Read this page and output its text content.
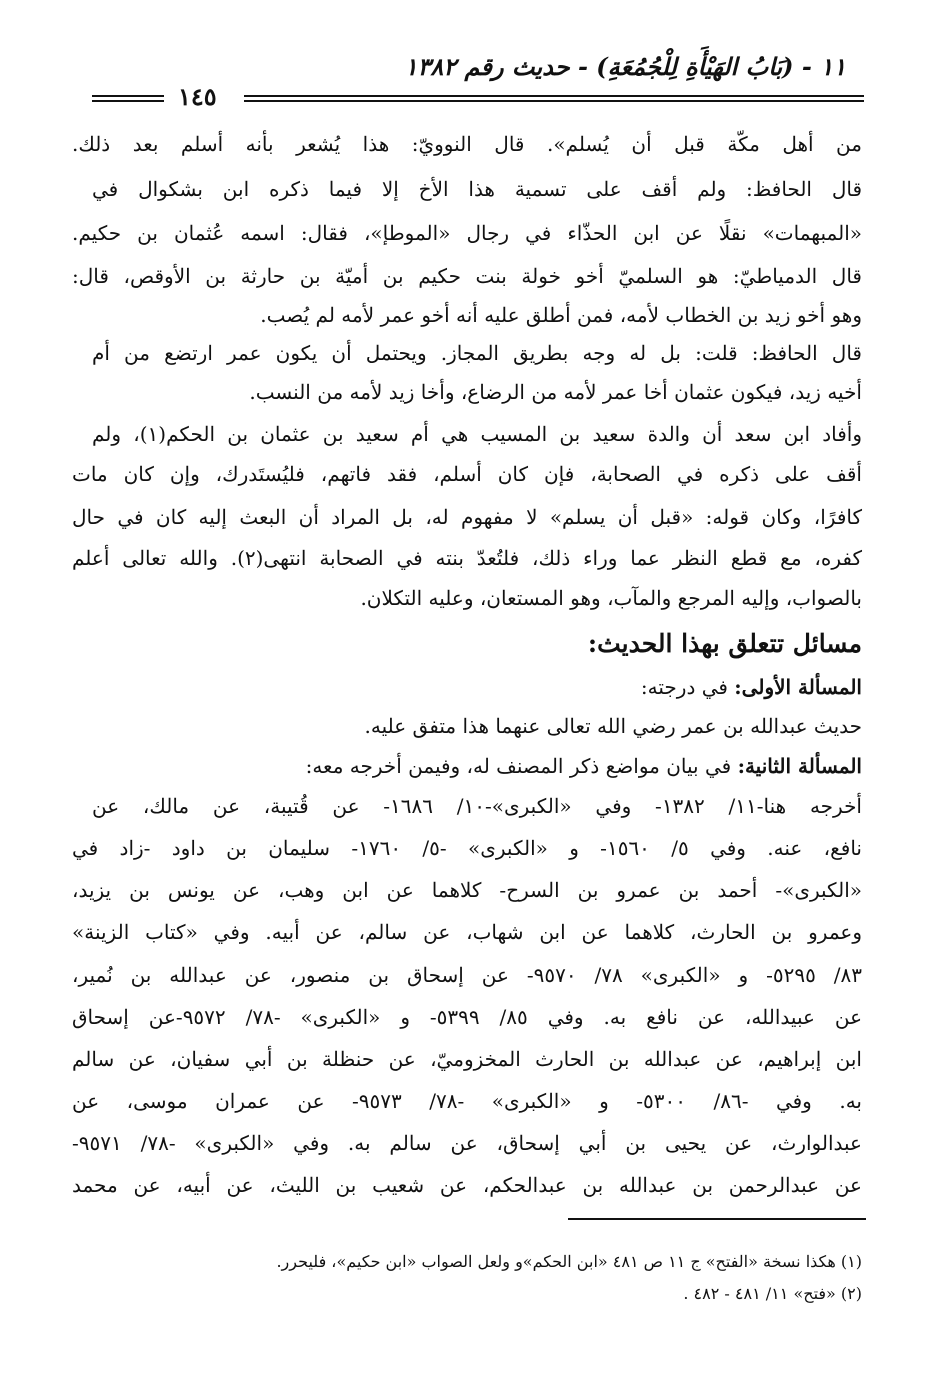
١١ - (بَابُ الهَيْأَةِ لِلْجُمُعَةِ) - حديث رقم ١٣٨٢
١٤٥
من أهل مكّة قبل أن يُسلم». قال النوويّ: هذا يُشعر بأنه أسلم بعد ذلك.
قال الحافظ: ولم أقف على تسمية هذا الأخ إلا فيما ذكره ابن بشكوال في
«المبهمات» نقلًا عن ابن الحذّاء في رجال «الموطإ»، فقال: اسمه عُثمان بن حكيم.
قال الدمياطيّ: هو السلميّ أخو خولة بنت حكيم بن أميّة بن حارثة بن الأوقص، قال:
وهو أخو زيد بن الخطاب لأمه، فمن أطلق عليه أنه أخو عمر لأمه لم يُصب.
قال الحافظ: قلت: بل له وجه بطريق المجاز. ويحتمل أن يكون عمر ارتضع من أم
أخيه زيد، فيكون عثمان أخا عمر لأمه من الرضاع، وأخا زيد لأمه من النسب.
وأفاد ابن سعد أن والدة سعيد بن المسيب هي أم سعيد بن عثمان بن الحكم(١)، ولم
أقف على ذكره في الصحابة، فإن كان أسلم، فقد فاتهم، فليُستَدرك، وإن كان مات
كافرًا، وكان قوله: «قبل أن يسلم» لا مفهوم له، بل المراد أن البعث إليه كان في حال
كفره، مع قطع النظر عما وراء ذلك، فلتُعدّ بنته في الصحابة انتهى(٢). والله تعالى أعلم
بالصواب، وإليه المرجع والمآب، وهو المستعان، وعليه التكلان.
مسائل تتعلق بهذا الحديث:
المسألة الأولى: في درجته:
حديث عبدالله بن عمر رضي الله تعالى عنهما هذا متفق عليه.
المسألة الثانية: في بيان مواضع ذكر المصنف له، وفيمن أخرجه معه:
أخرجه هنا-١١/ ١٣٨٢- وفي «الكبرى»-١٠/ ١٦٨٦- عن قُتيبة، عن مالك، عن
نافع، عنه. وفي ٥/ ١٥٦٠- و «الكبرى» -٥/ ١٧٦٠- سليمان بن داود -زاد في
«الكبرى»- أحمد بن عمرو بن السرح- كلاهما عن ابن وهب، عن يونس بن يزيد،
وعمرو بن الحارث، كلاهما عن ابن شهاب، عن سالم، عن أبيه. وفي «كتاب الزينة»
٨٣/ ٥٢٩٥- و «الكبرى» ٧٨/ ٩٥٧٠- عن إسحاق بن منصور، عن عبدالله بن نُمير،
عن عبيدالله، عن نافع به. وفي ٨٥/ ٥٣٩٩- و «الكبرى» -٧٨/ ٩٥٧٢-عن إسحاق
ابن إبراهيم، عن عبدالله بن الحارث المخزوميّ، عن حنظلة بن أبي سفيان، عن سالم
به. وفي -٨٦/ ٥٣٠٠- و «الكبرى» -٧٨/ ٩٥٧٣- عن عمران موسى، عن
عبدالوارث، عن يحيى بن أبي إسحاق، عن سالم به. وفي «الكبرى» -٧٨/ ٩٥٧١-
عن عبدالرحمن بن عبدالله بن عبدالحكم، عن شعيب بن الليث، عن أبيه، عن محمد
(١) هكذا نسخة «الفتح» ج ١١ ص ٤٨١ «ابن الحكم»و ولعل الصواب «ابن حكيم»، فليحرر.
(٢) «فتح» ١١/ ٤٨١ - ٤٨٢ .
